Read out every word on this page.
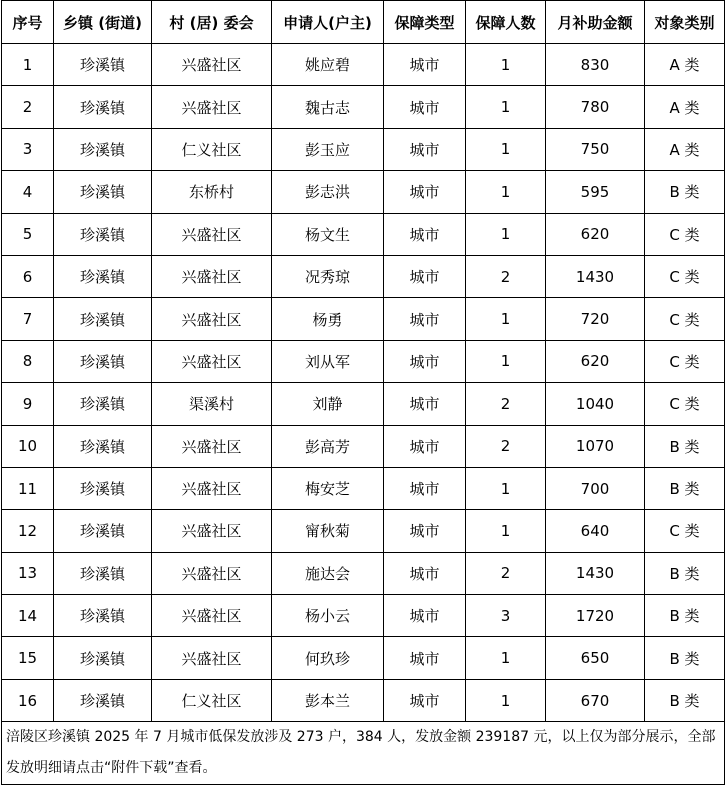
序号	乡镇 (街道)	村 (居) 委会	申请人(户主)	保障类型	保障人数	月补助金额	对象类别
1	珍溪镇	兴盛社区	姚应碧	城市	1	830	A 类
2	珍溪镇	兴盛社区	魏古志	城市	1	780	A 类
3	珍溪镇	仁义社区	彭玉应	城市	1	750	A 类
4	珍溪镇	东桥村	彭志洪	城市	1	595	B 类
5	珍溪镇	兴盛社区	杨文生	城市	1	620	C 类
6	珍溪镇	兴盛社区	况秀琼	城市	2	1430	C 类
7	珍溪镇	兴盛社区	杨勇	城市	1	720	C 类
8	珍溪镇	兴盛社区	刘从军	城市	1	620	C 类
9	珍溪镇	渠溪村	刘静	城市	2	1040	C 类
10	珍溪镇	兴盛社区	彭高芳	城市	2	1070	B 类
11	珍溪镇	兴盛社区	梅安芝	城市	1	700	B 类
12	珍溪镇	兴盛社区	甯秋菊	城市	1	640	C 类
13	珍溪镇	兴盛社区	施达会	城市	2	1430	B 类
14	珍溪镇	兴盛社区	杨小云	城市	3	1720	B 类
15	珍溪镇	兴盛社区	何玖珍	城市	1	650	B 类
16	珍溪镇	仁义社区	彭本兰	城市	1	670	B 类
涪陵区珍溪镇 2025 年 7 月城市低保发放涉及 273 户，384 人，发放金额 239187 元，以上仅为部分展示，全部发放明细请点击“附件下载”查看。							
